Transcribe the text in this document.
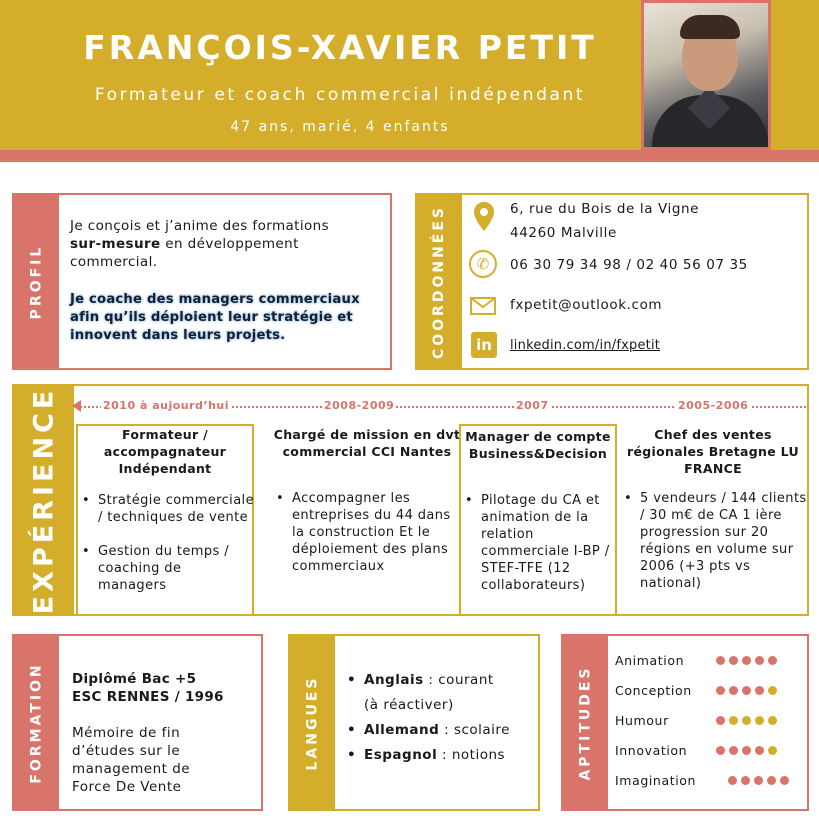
FRANÇOIS-XAVIER PETIT
Formateur et coach commercial indépendant
47 ans, marié, 4 enfants
PROFIL
Je conçois et j’anime des formations
sur-mesure en développement
commercial.
Je coache des managers commerciaux afin qu’ils déploient leur stratégie et innovent dans leurs projets.	COORDONNÉES	6, rue du Bois de la Vigne
44260 Malville
✆	06 30 79 34 98 / 02 40 56 07 35
fxpetit@outlook.com
in	linkedin.com/in/fxpetit
EXPÉRIENCE	2010 à aujourd’hui	2008-2009	2007	2005-2006
Formateur / accompagnateur Indépendant
• Stratégie commerciale / techniques de vente
• Gestion du temps / coaching de managers
Chargé de mission en dvt commercial CCI Nantes
• Accompagner les entreprises du 44 dans la construction Et le déploiement des plans commerciaux
Manager de compte Business&Decision
• Pilotage du CA et animation de la relation commerciale I-BP / STEF-TFE (12 collaborateurs)
Chef des ventes régionales Bretagne LU FRANCE
• 5 vendeurs / 144 clients / 30 m€ de CA 1 ière progression sur 20 régions en volume sur 2006 (+3 pts vs national)
FORMATION Diplômé Bac +5
ESC RENNES / 1996
Mémoire de fin
d’études sur le
management de
Force De Vente
LANGUES
•	Anglais : courant
(à réactiver)
• Allemand : scolaire
• Espagnol : notions	APTITUDES
Animation
Conception
Humour
Innovation
Imagination
